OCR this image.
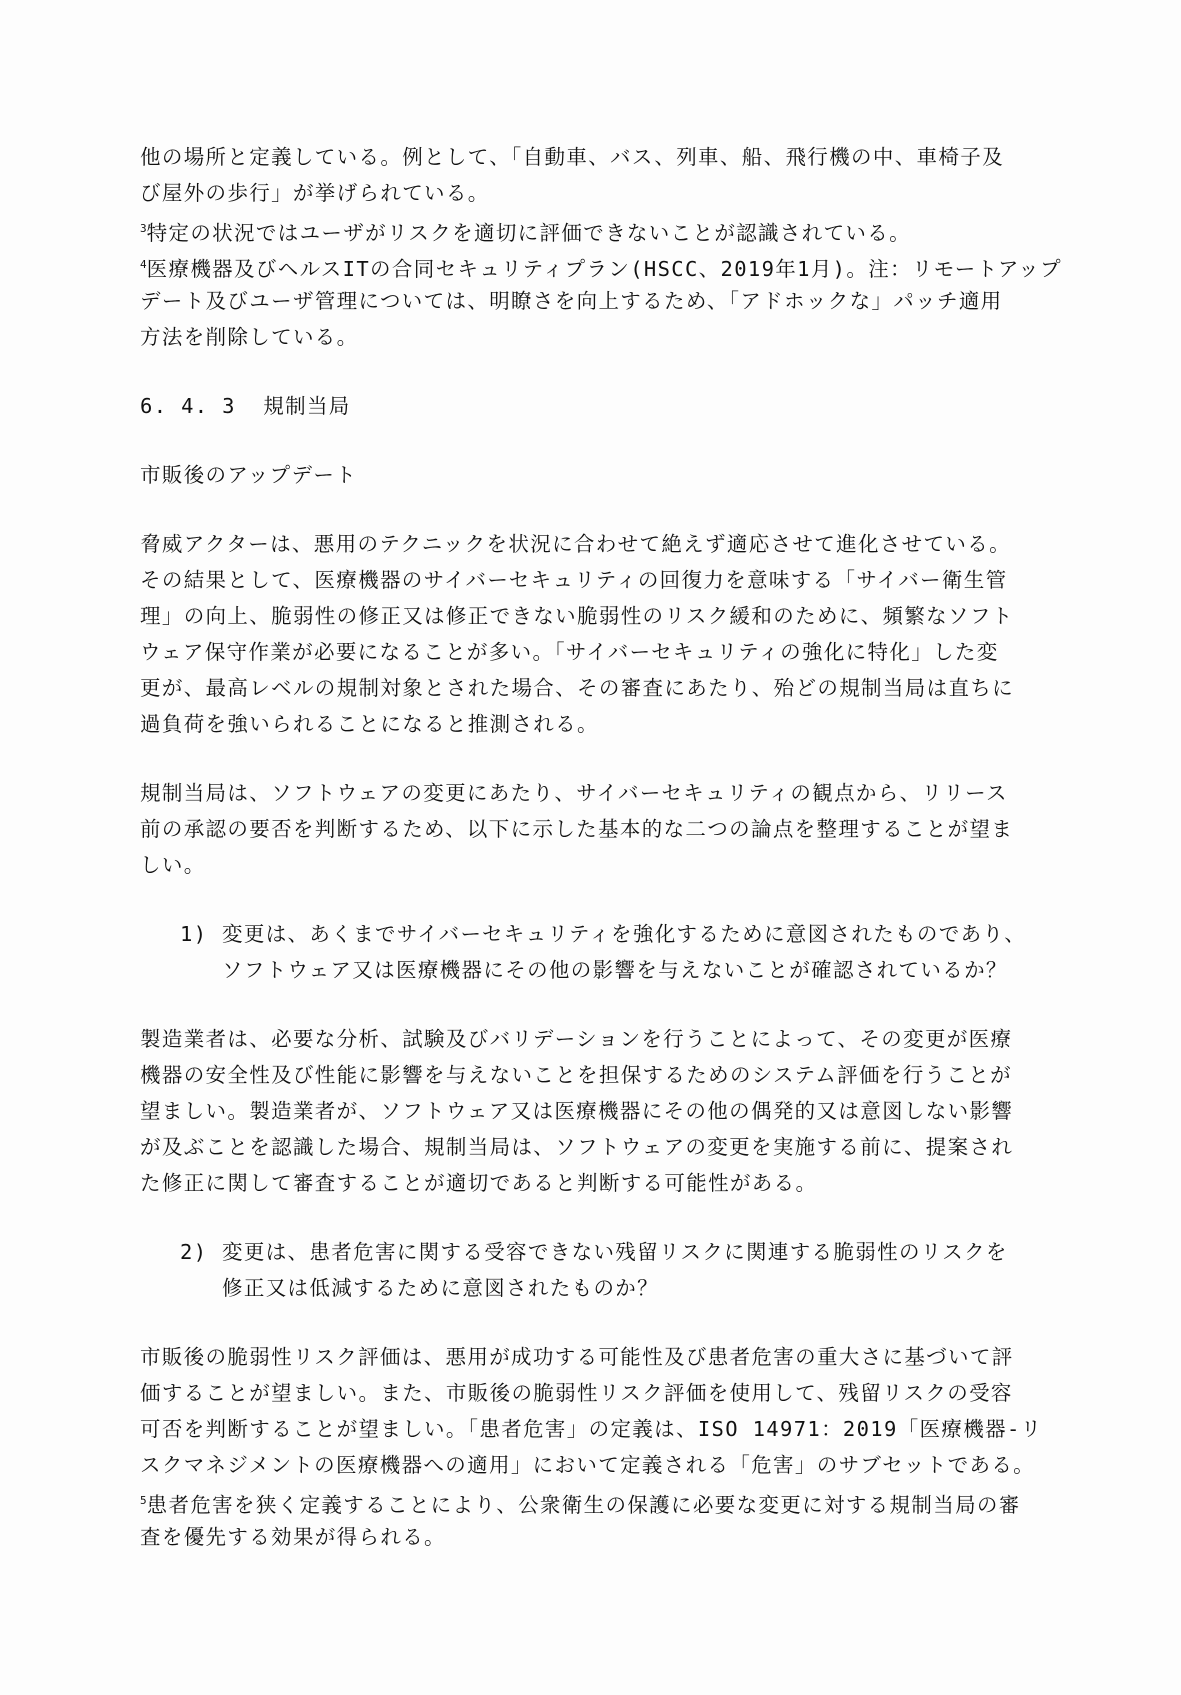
他の場所と定義している。例として、「自動車、バス、列車、船、飛行機の中、車椅子及
び屋外の歩行」が挙げられている。
$^3$特定の状況ではユーザがリスクを適切に評価できないことが認識されている。
$^4$医療機器及びヘルスITの合同セキュリティプラン(HSCC、2019年1月)。注：リモートアップ
デート及びユーザ管理については、明瞭さを向上するため、「アドホックな」パッチ適用
方法を削除している。
6. 4. 3 規制当局
市販後のアップデート
脅威アクターは、悪用のテクニックを状況に合わせて絶えず適応させて進化させている。
その結果として、医療機器のサイバーセキュリティの回復力を意味する「サイバー衛生管
理」の向上、脆弱性の修正又は修正できない脆弱性のリスク緩和のために、頻繁なソフト
ウェア保守作業が必要になることが多い。「サイバーセキュリティの強化に特化」した変
更が、最高レベルの規制対象とされた場合、その審査にあたり、殆どの規制当局は直ちに
過負荷を強いられることになると推測される。
規制当局は、ソフトウェアの変更にあたり、サイバーセキュリティの観点から、リリース
前の承認の要否を判断するため、以下に示した基本的な二つの論点を整理することが望ま
しい。
1) 変更は、あくまでサイバーセキュリティを強化するために意図されたものであり、
ソフトウェア又は医療機器にその他の影響を与えないことが確認されているか？
製造業者は、必要な分析、試験及びバリデーションを行うことによって、その変更が医療
機器の安全性及び性能に影響を与えないことを担保するためのシステム評価を行うことが
望ましい。製造業者が、ソフトウェア又は医療機器にその他の偶発的又は意図しない影響
が及ぶことを認識した場合、規制当局は、ソフトウェアの変更を実施する前に、提案され
た修正に関して審査することが適切であると判断する可能性がある。
2) 変更は、患者危害に関する受容できない残留リスクに関連する脆弱性のリスクを
修正又は低減するために意図されたものか？
市販後の脆弱性リスク評価は、悪用が成功する可能性及び患者危害の重大さに基づいて評
価することが望ましい。また、市販後の脆弱性リスク評価を使用して、残留リスクの受容
可否を判断することが望ましい。「患者危害」の定義は、ISO 14971：2019「医療機器-リ
スクマネジメントの医療機器への適用」において定義される「危害」のサブセットである。
$^5$患者危害を狭く定義することにより、公衆衛生の保護に必要な変更に対する規制当局の審
査を優先する効果が得られる。
